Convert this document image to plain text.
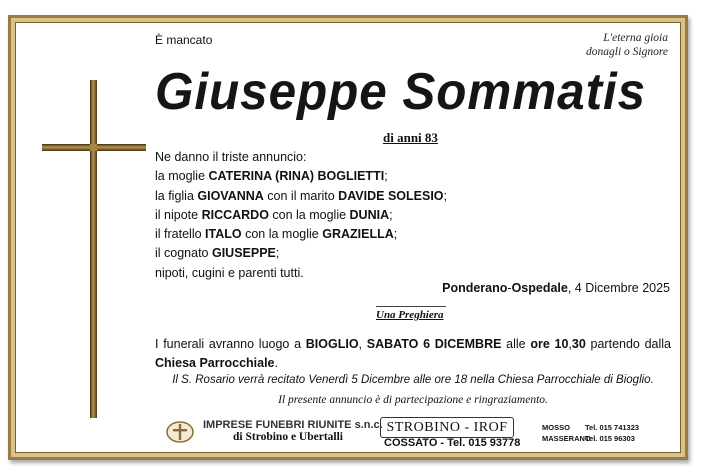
È mancato	L'eterna gioia
donagli o Signore
Giuseppe Sommatis
di anni 83
Ne danno il triste annuncio:
la moglie CATERINA (RINA) BOGLIETTI;
la figlia GIOVANNA con il marito DAVIDE SOLESIO;
il nipote RICCARDO con la moglie DUNIA;
il fratello ITALO con la moglie GRAZIELLA;
il cognato GIUSEPPE;
nipoti, cugini e parenti tutti.
Ponderano-Ospedale, 4 Dicembre 2025
Una Preghiera
I funerali avranno luogo a BIOGLIO, SABATO 6 DICEMBRE alle ore 10,30 partendo dalla Chiesa Parrocchiale.
Il S. Rosario verrà recitato Venerdì 5 Dicembre alle ore 18 nella Chiesa Parrocchiale di Bioglio.
Il presente annuncio è di partecipazione e ringraziamento.
IMPRESE FUNEBRI RIUNITE s.n.c.
di Strobino e Ubertalli
STROBINO - IROF
COSSATO - Tel. 015 93778
MOSSO Tel. 015 741323
MASSERANOTel. 015 96303
